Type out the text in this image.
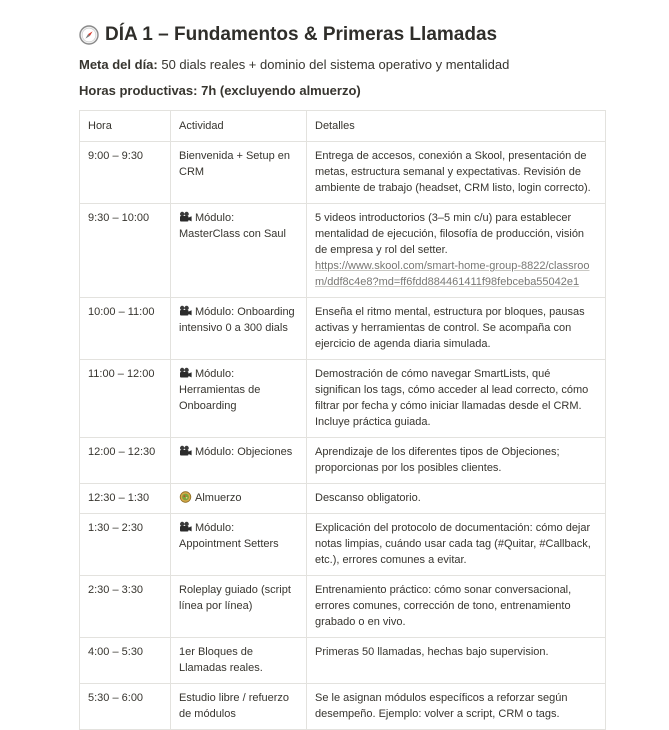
DÍA 1 – Fundamentos & Primeras Llamadas
Meta del día: 50 dials reales + dominio del sistema operativo y mentalidad
Horas productivas: 7h (excluyendo almuerzo)
Hora	Actividad	Detalles
9:00 – 9:30	Bienvenida + Setup en CRM	Entrega de accesos, conexión a Skool, presentación de metas, estructura semanal y expectativas. Revisión de ambiente de trabajo (headset, CRM listo, login correcto).
9:30 – 10:00	Módulo: MasterClass con Saul	5 videos introductorios (3–5 min c/u) para establecer mentalidad de ejecución, filosofía de producción, visión de empresa y rol del setter.
https://www.skool.com/smart-home-group-8822/classroom/ddf8c4e8?md=ff6fdd884461411f98febceba55042e1
10:00 – 11:00	Módulo: Onboarding intensivo 0 a 300 dials	Enseña el ritmo mental, estructura por bloques, pausas activas y herramientas de control. Se acompaña con ejercicio de agenda diaria simulada.
11:00 – 12:00	Módulo: Herramientas de Onboarding	Demostración de cómo navegar SmartLists, qué significan los tags, cómo acceder al lead correcto, cómo filtrar por fecha y cómo iniciar llamadas desde el CRM. Incluye práctica guiada.
12:00 – 12:30	Módulo: Objeciones	Aprendizaje de los diferentes tipos de Objeciones; proporcionas por los posibles clientes.
12:30 – 1:30	Almuerzo	Descanso obligatorio.
1:30 – 2:30	Módulo: Appointment Setters	Explicación del protocolo de documentación: cómo dejar notas limpias, cuándo usar cada tag (#Quitar, #Callback, etc.), errores comunes a evitar.
2:30 – 3:30	Roleplay guiado (script línea por línea)	Entrenamiento práctico: cómo sonar conversacional, errores comunes, corrección de tono, entrenamiento grabado o en vivo.
4:00 – 5:30	1er Bloques de Llamadas reales.	Primeras 50 llamadas, hechas bajo supervision.
5:30 – 6:00	Estudio libre / refuerzo de módulos	Se le asignan módulos específicos a reforzar según desempeño. Ejemplo: volver a script, CRM o tags.
